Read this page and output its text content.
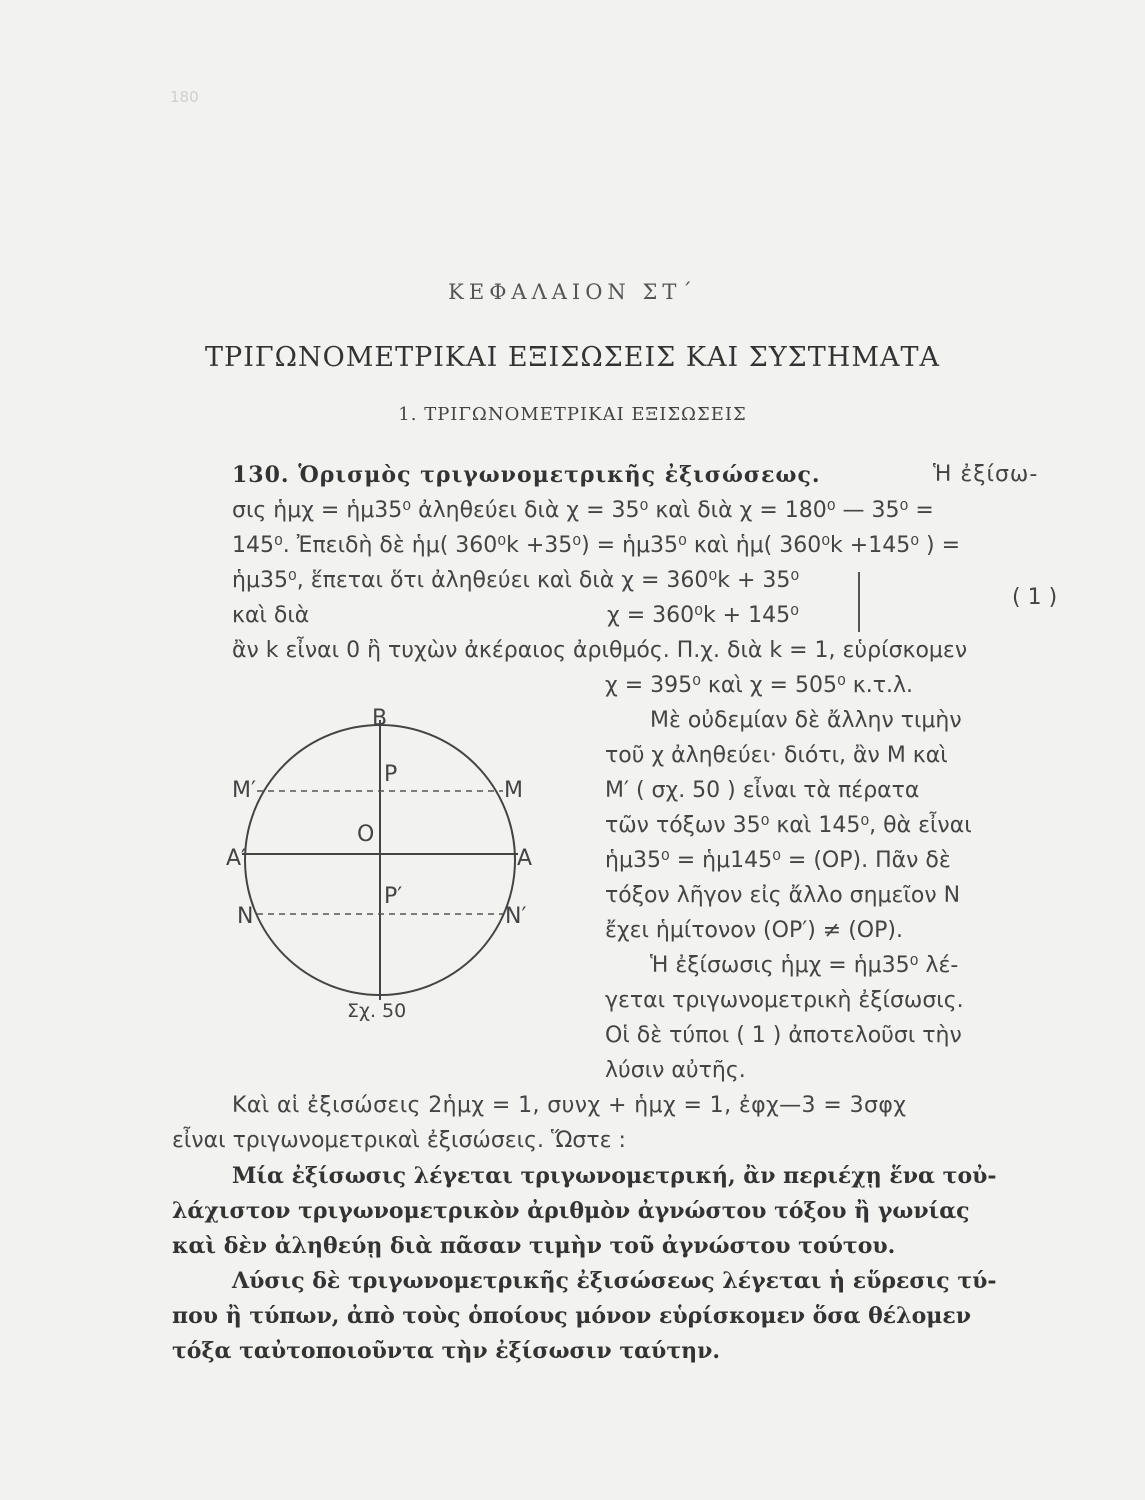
180
ΚΕΦΑΛΑΙΟΝ ΣΤ΄
ΤΡΙΓΩΝΟΜΕΤΡΙΚΑΙ ΕΞΙΣΩΣΕΙΣ ΚΑΙ ΣΥΣΤΗΜΑΤΑ
1. ΤΡΙΓΩΝΟΜΕΤΡΙΚΑΙ ΕΞΙΣΩΣΕΙΣ
130. Ὁρισμὸς τριγωνομετρικῆς ἐξισώσεως.	Ἡ ἐξίσω-
σις ἡμχ = ἡμ35⁰ ἀληθεύει διὰ χ = 35⁰ καὶ διὰ χ = 180⁰ — 35⁰ =
145⁰. Ἐπειδὴ δὲ ἡμ( 360⁰k +35⁰) = ἡμ35⁰ καὶ ἡμ( 360⁰k +145⁰ ) =
ἡμ35⁰, ἕπεται ὅτι ἀληθεύει καὶ διὰ χ = 360⁰k + 35⁰
καὶ διὰ	χ = 360⁰k + 145⁰
( 1 )
ἂν k εἶναι 0 ἢ τυχὼν ἀκέραιος ἀριθμός. Π.χ. διὰ k = 1, εὑρίσκομεν
χ = 395⁰ καὶ χ = 505⁰ κ.τ.λ.
Μὲ οὐδεμίαν δὲ ἄλλην τιμὴν
τοῦ χ ἀληθεύει· διότι, ἂν Μ καὶ
Μ′ ( σχ. 50 ) εἶναι τὰ πέρατα
τῶν τόξων 35⁰ καὶ 145⁰, θὰ εἶναι
ἡμ35⁰ = ἡμ145⁰ = (OP). Πᾶν δὲ
τόξον λῆγον εἰς ἄλλο σημεῖον Ν
ἔχει ἡμίτονον (OP′) ≠ (OP).
Ἡ ἐξίσωσις ἡμχ = ἡμ35⁰ λέ-
γεται τριγωνομετρικὴ ἐξίσωσις.
Οἱ δὲ τύποι ( 1 ) ἀποτελοῦσι τὴν
λύσιν αὐτῆς.
B
P
M′	M
O
A′	A
P′
N	N′
Σχ. 50
Καὶ αἱ ἐξισώσεις 2ἡμχ = 1, συνχ + ἡμχ = 1, ἐφχ—3 = 3σφχ
εἶναι τριγωνομετρικαὶ ἐξισώσεις. Ὥστε :
Μία ἐξίσωσις λέγεται τριγωνομετρική, ἂν περιέχῃ ἕνα τοὐ-
λάχιστον τριγωνομετρικὸν ἀριθμὸν ἀγνώστου τόξου ἢ γωνίας
καὶ δὲν ἀληθεύῃ διὰ πᾶσαν τιμὴν τοῦ ἀγνώστου τούτου.
Λύσις δὲ τριγωνομετρικῆς ἐξισώσεως λέγεται ἡ εὕρεσις τύ-
που ἢ τύπων, ἀπὸ τοὺς ὁποίους μόνον εὑρίσκομεν ὅσα θέλομεν
τόξα ταὐτοποιοῦντα τὴν ἐξίσωσιν ταύτην.
